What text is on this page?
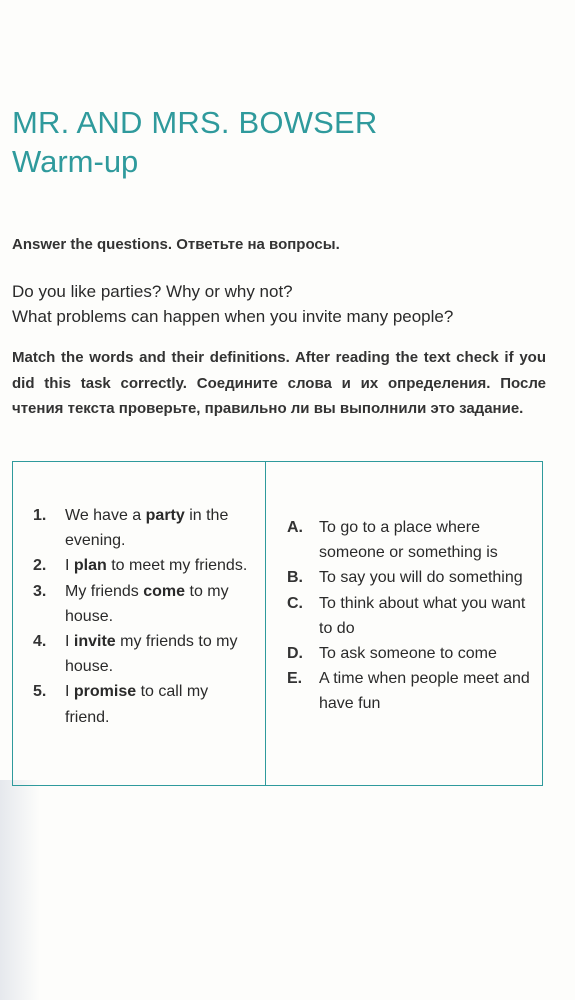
MR. AND MRS. BOWSER
Warm-up
Answer the questions. Ответьте на вопросы.
Do you like parties? Why or why not?
What problems can happen when you invite many people?
Match the words and their definitions. After reading the text check if you did this task correctly. Соедините слова и их определения. После чтения текста проверьте, правильно ли вы выполнили это задание.
1.	We have a party in the evening.
2.	I plan to meet my friends.
3.	My friends come to my house.
4.	I invite my friends to my house.
5.	I promise to call my friend.
A.	To go to a place where someone or something is
B.	To say you will do something
C.	To think about what you want to do
D.	To ask someone to come
E.	A time when people meet and have fun
